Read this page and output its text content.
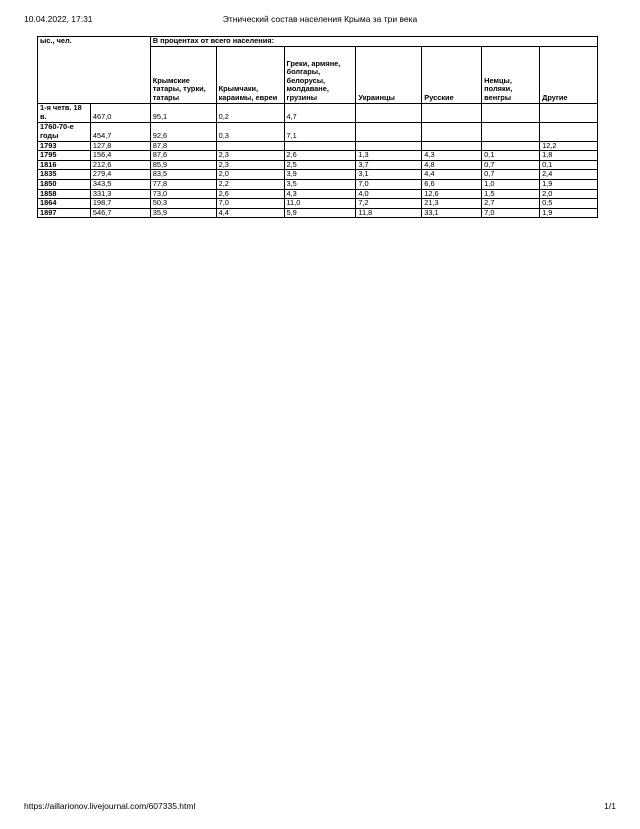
10.04.2022, 17:31	Этнический состав населения Крыма за три века
ыс., чел.		В процентах от всего населения:						
		Крымские татары, турки, татары	Крымчаки, караимы, евреи	Греки, армяне, болгары, белорусы, молдаване, грузины	Украинцы	Русские	Немцы, поляки, венгры	Другие
1-я четв. 18 в.	467,0	95,1	0,2	4,7				
1760-70-е годы	454,7	92,6	0,3	7,1				
1793	127,8	87,8						12,2
1795	156,4	87,6	2,3	2,6	1,3	4,3	0,1	1,8
1816	212,6	85,9	2,3	2,5	3,7	4,8	0,7	0,1
1835	279,4	83,5	2,0	3,9	3,1	4,4	0,7	2,4
1850	343,5	77,8	2,2	3,5	7,0	6,6	1,0	1,9
1858	331,3	73,0	2,6	4,3	4,0	12,6	1,5	2,0
1864	198,7	50,3	7,0	11,0	7,2	21,3	2,7	0,5
1897	546,7	35,9	4,4	5,9	11,8	33,1	7,0	1,9
https://aillarionov.livejournal.com/607335.html	1/1
